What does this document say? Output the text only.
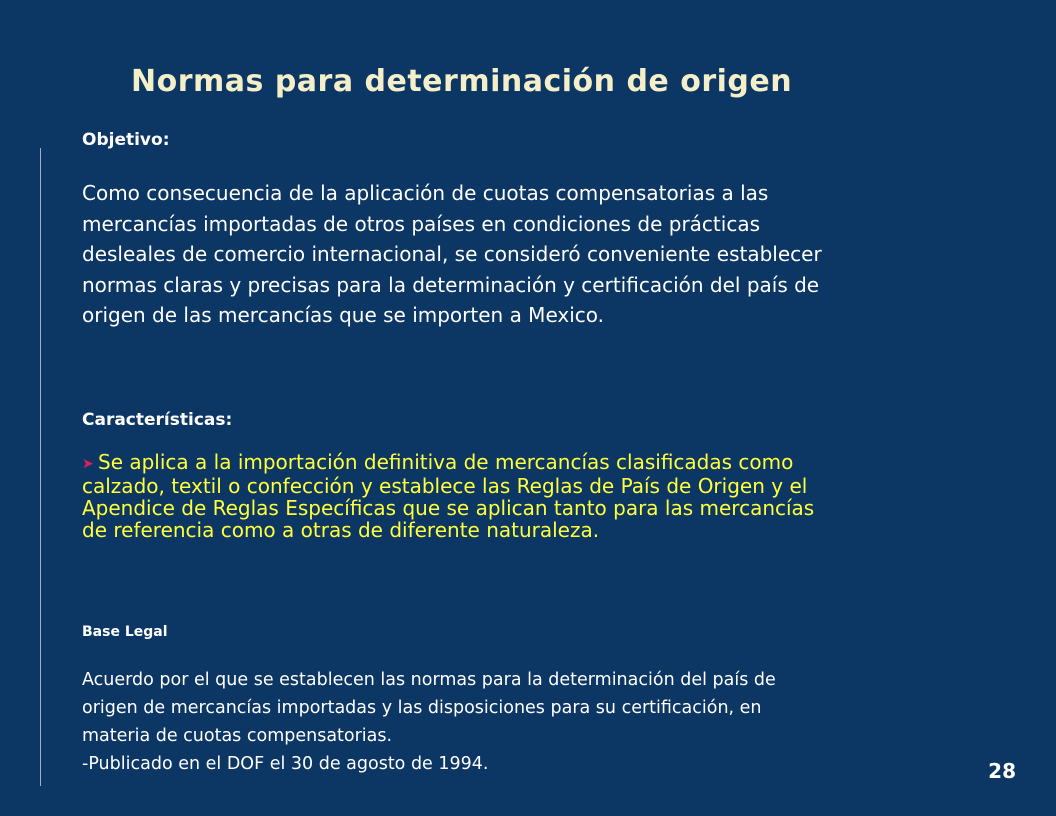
Normas para determinación de origen
Objetivo:

Como consecuencia de la aplicación de cuotas compensatorias a las
mercancías importadas de otros países en condiciones de prácticas
desleales de comercio internacional, se consideró conveniente establecer
normas claras y precisas para la determinación y certificación del país de
origen de las mercancías que se importen a Mexico.

Características:

➤ Se aplica a la importación definitiva de mercancías clasificadas como
calzado, textil o confección y establece las Reglas de País de Origen y el
Apendice de Reglas Específicas que se aplican tanto para las mercancías
de referencia como a otras de diferente naturaleza.

Base Legal

Acuerdo por el que se establecen las normas para la determinación del país de
origen de mercancías importadas y las disposiciones para su certificación, en
materia de cuotas compensatorias.
-Publicado en el DOF el 30 de agosto de 1994.	28
